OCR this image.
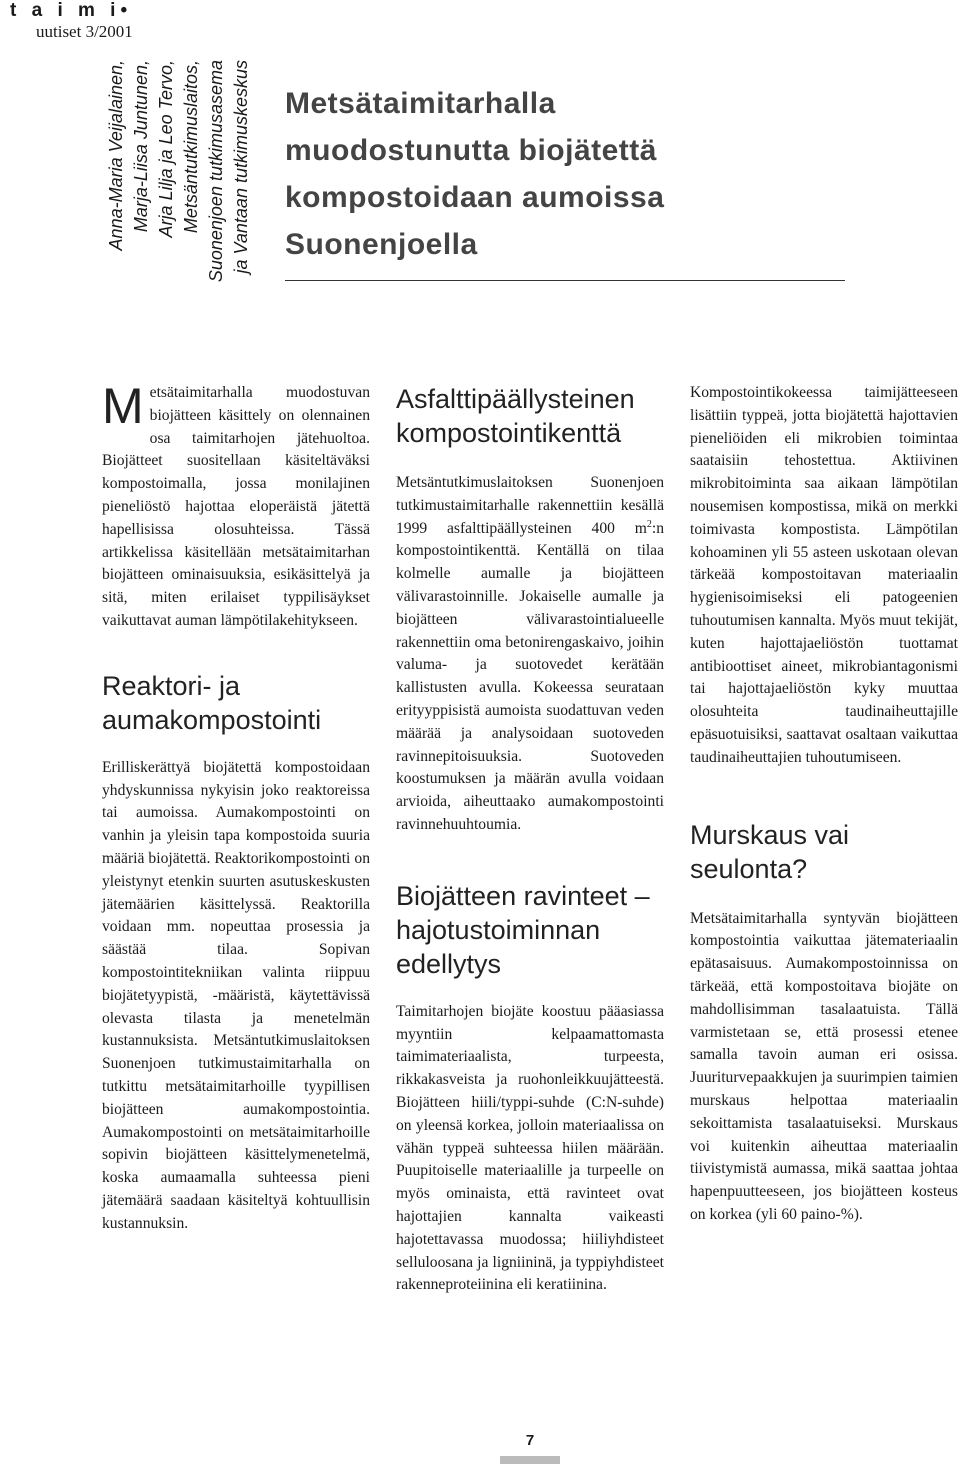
t a i m i•
uutiset 3/2001
Anna-Maria Veijalainen, Marja-Liisa Juntunen, Arja Lilja ja Leo Tervo, Metsäntutkimuslaitos, Suonenjoen tutkimusasema ja Vantaan tutkimuskeskus Metsätaimitarhalla
muodostunutta biojätettä
kompostoidaan aumoissa
Suonenjoella

Metsätaimitarhalla muodostuvan biojätteen käsittely on olennainen osa taimitarhojen jätehuoltoa. Biojätteet suositellaan käsiteltäväksi kompostoimalla, jossa monilajinen pieneliöstö hajottaa eloperäistä jätettä hapellisissa olosuhteissa. Tässä artikkelissa käsitellään metsätaimitarhan biojätteen ominaisuuksia, esikäsittelyä ja sitä, miten erilaiset typpilisäykset vaikuttavat auman lämpötilakehitykseen.

Reaktori- ja aumakompostointi

Erilliskerättyä biojätettä kompostoidaan yhdyskunnissa nykyisin joko reaktoreissa tai aumoissa. Aumakompostointi on vanhin ja yleisin tapa kompostoida suuria määriä biojätettä. Reaktorikompostointi on yleistynyt etenkin suurten asutuskeskusten jätemäärien käsittelyssä. Reaktorilla voidaan mm. nopeuttaa prosessia ja säästää tilaa. Sopivan kompostointitekniikan valinta riippuu biojätetyypistä, -määristä, käytettävissä olevasta tilasta ja menetelmän kustannuksista. Metsäntutkimuslaitoksen Suonenjoen tutkimustaimitarhalla on tutkittu metsätaimitarhoille tyypillisen biojätteen aumakompostointia. Aumakompostointi on metsätaimitarhoille sopivin biojätteen käsittelymenetelmä, koska aumaamalla suhteessa pieni jätemäärä saadaan käsiteltyä kohtuullisin kustannuksin.

Asfalttipäällysteinen kompostointikenttä

Metsäntutkimuslaitoksen Suonenjoen tutkimustaimitarhalle rakennettiin kesällä 1999 asfalttipäällysteinen 400 $m^2:n$ kompostointikenttä. Kentällä on tilaa kolmelle aumalle ja biojätteen välivarastoinnille. Jokaiselle aumalle ja biojätteen välivarastointialueelle rakennettiin oma betonirengaskaivo, joihin valuma- ja suotovedet kerätään kallistusten avulla. Kokeessa seurataan erityyppisistä aumoista suodattuvan veden määrää ja analysoidaan suotoveden ravinnepitoisuuksia. Suotoveden koostumuksen ja määrän avulla voidaan arvioida, aiheuttaako aumakompostointi ravinnehuuhtoumia.

Biojätteen ravinteet – hajotustoiminnan edellytys

Taimitarhojen biojäte koostuu pääasiassa myyntiin kelpaamattomasta taimimateriaalista, turpeesta, rikkakasveista ja ruohonleikkuujätteestä. Biojätteen hiili/typpi-suhde (C:N-suhde) on yleensä korkea, jolloin materiaalissa on vähän typpeä suhteessa hiilen määrään. Puupitoiselle materiaalille ja turpeelle on myös ominaista, että ravinteet ovat hajottajien kannalta vaikeasti hajotettavassa muodossa; hiiliyhdisteet selluloosana ja ligniininä, ja typpiyhdisteet rakenneproteiinina eli keratiinina.

Kompostointikokeessa taimijätteeseen lisättiin typpeä, jotta biojätettä hajottavien pieneliöiden eli mikrobien toimintaa saataisiin tehostettua. Aktiivinen mikrobitoiminta saa aikaan lämpötilan nousemisen kompostissa, mikä on merkki toimivasta kompostista. Lämpötilan kohoaminen yli 55 asteen uskotaan olevan tärkeää kompostoitavan materiaalin hygienisoimiseksi eli patogeenien tuhoutumisen kannalta. Myös muut tekijät, kuten hajottajaeliöstön tuottamat antibioottiset aineet, mikrobiantagonismi tai hajottajaeliöstön kyky muuttaa olosuhteita taudinaiheuttajille epäsuotuisiksi, saattavat osaltaan vaikuttaa taudinaiheuttajien tuhoutumiseen.

Murskaus vai seulonta?

Metsätaimitarhalla syntyvän biojätteen kompostointia vaikuttaa jätemateriaalin epätasaisuus. Aumakompostoinnissa on tärkeää, että kompostoitava biojäte on mahdollisimman tasalaatuista. Tällä varmistetaan se, että prosessi etenee samalla tavoin auman eri osissa. Juuriturvepaakkujen ja suurimpien taimien murskaus helpottaa materiaalin sekoittamista tasalaatuiseksi. Murskaus voi kuitenkin aiheuttaa materiaalin tiivistymistä aumassa, mikä saattaa johtaa hapenpuutteeseen, jos biojätteen kosteus on korkea (yli 60 paino-%).

7
